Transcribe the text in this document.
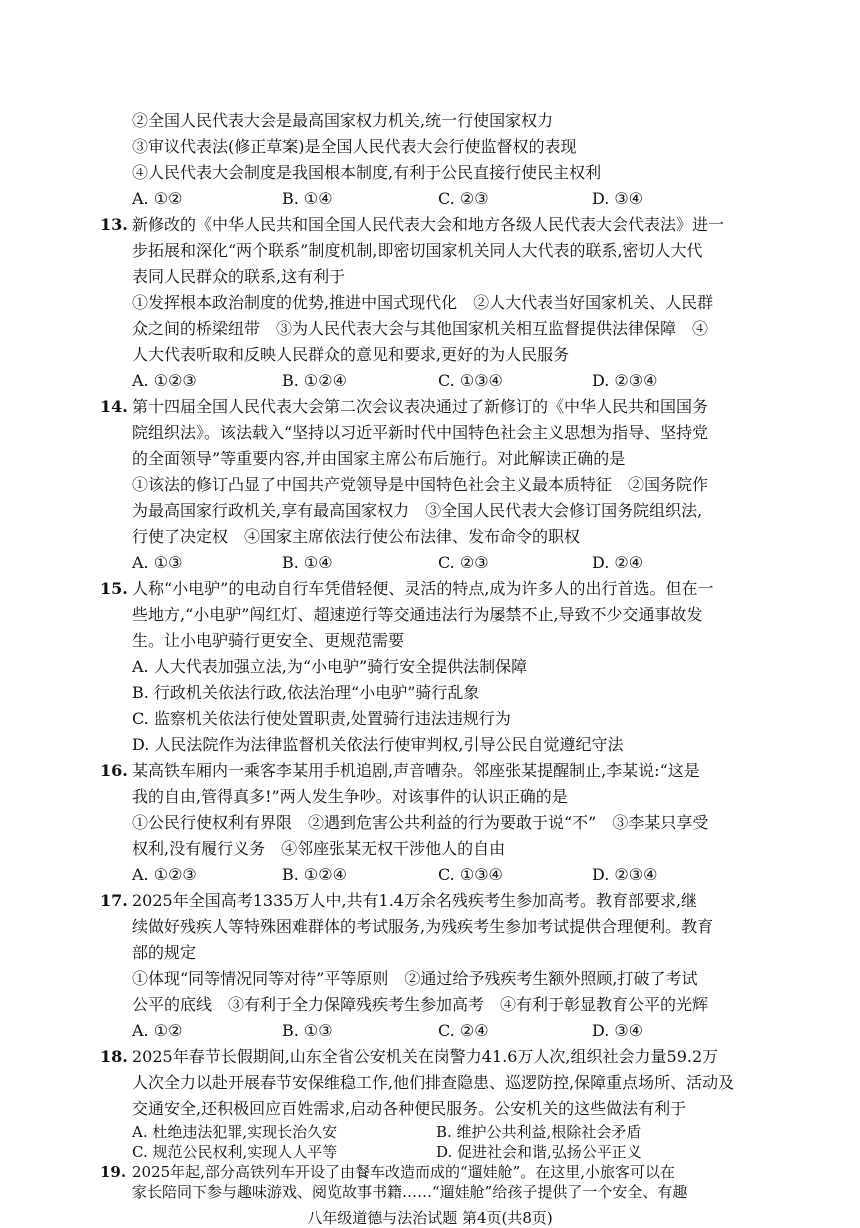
②全国人民代表大会是最高国家权力机关,统一行使国家权力
③审议代表法(修正草案)是全国人民代表大会行使监督权的表现
④人民代表大会制度是我国根本制度,有利于公民直接行使民主权利
A. ①②	B. ①④	C. ②③	D. ③④
13. 新修改的《中华人民共和国全国人民代表大会和地方各级人民代表大会代表法》进一
步拓展和深化“两个联系”制度机制,即密切国家机关同人大代表的联系,密切人大代
表同人民群众的联系,这有利于
①发挥根本政治制度的优势,推进中国式现代化　②人大代表当好国家机关、人民群
众之间的桥梁纽带　③为人民代表大会与其他国家机关相互监督提供法律保障　④
人大代表听取和反映人民群众的意见和要求,更好的为人民服务
A. ①②③	B. ①②④	C. ①③④	D. ②③④
14. 第十四届全国人民代表大会第二次会议表决通过了新修订的《中华人民共和国国务
院组织法》。该法载入“坚持以习近平新时代中国特色社会主义思想为指导、坚持党
的全面领导”等重要内容,并由国家主席公布后施行。对此解读正确的是
①该法的修订凸显了中国共产党领导是中国特色社会主义最本质特征　②国务院作
为最高国家行政机关,享有最高国家权力　③全国人民代表大会修订国务院组织法,
行使了决定权　④国家主席依法行使公布法律、发布命令的职权
A. ①③	B. ①④	C. ②③	D. ②④
15. 人称“小电驴”的电动自行车凭借轻便、灵活的特点,成为许多人的出行首选。但在一
些地方,“小电驴”闯红灯、超速逆行等交通违法行为屡禁不止,导致不少交通事故发
生。让小电驴骑行更安全、更规范需要
A. 人大代表加强立法,为“小电驴”骑行安全提供法制保障
B. 行政机关依法行政,依法治理“小电驴”骑行乱象
C. 监察机关依法行使处置职责,处置骑行违法违规行为
D. 人民法院作为法律监督机关依法行使审判权,引导公民自觉遵纪守法
16. 某高铁车厢内一乘客李某用手机追剧,声音嘈杂。邻座张某提醒制止,李某说:“这是
我的自由,管得真多!”两人发生争吵。对该事件的认识正确的是
①公民行使权利有界限　②遇到危害公共利益的行为要敢于说“不”　③李某只享受
权利,没有履行义务　④邻座张某无权干涉他人的自由
A. ①②③	B. ①②④	C. ①③④	D. ②③④
17. 2025年全国高考1335万人中,共有1.4万余名残疾考生参加高考。教育部要求,继
续做好残疾人等特殊困难群体的考试服务,为残疾考生参加考试提供合理便利。教育
部的规定
①体现“同等情况同等对待”平等原则　②通过给予残疾考生额外照顾,打破了考试
公平的底线　③有利于全力保障残疾考生参加高考　④有利于彰显教育公平的光辉
A. ①②	B. ①③	C. ②④	D. ③④
18. 2025年春节长假期间,山东全省公安机关在岗警力41.6万人次,组织社会力量59.2万
人次全力以赴开展春节安保维稳工作,他们排查隐患、巡逻防控,保障重点场所、活动及
交通安全,还积极回应百姓需求,启动各种便民服务。公安机关的这些做法有利于
八年级道德与法治试题 第4页(共8页)
A. 杜绝违法犯罪,实现长治久安	B. 维护公共利益,根除社会矛盾
C. 规范公民权利,实现人人平等	D. 促进社会和谐,弘扬公平正义
19. 2025年起,部分高铁列车开设了由餐车改造而成的“遛娃舱”。在这里,小旅客可以在
家长陪同下参与趣味游戏、阅览故事书籍……“遛娃舱”给孩子提供了一个安全、有趣
